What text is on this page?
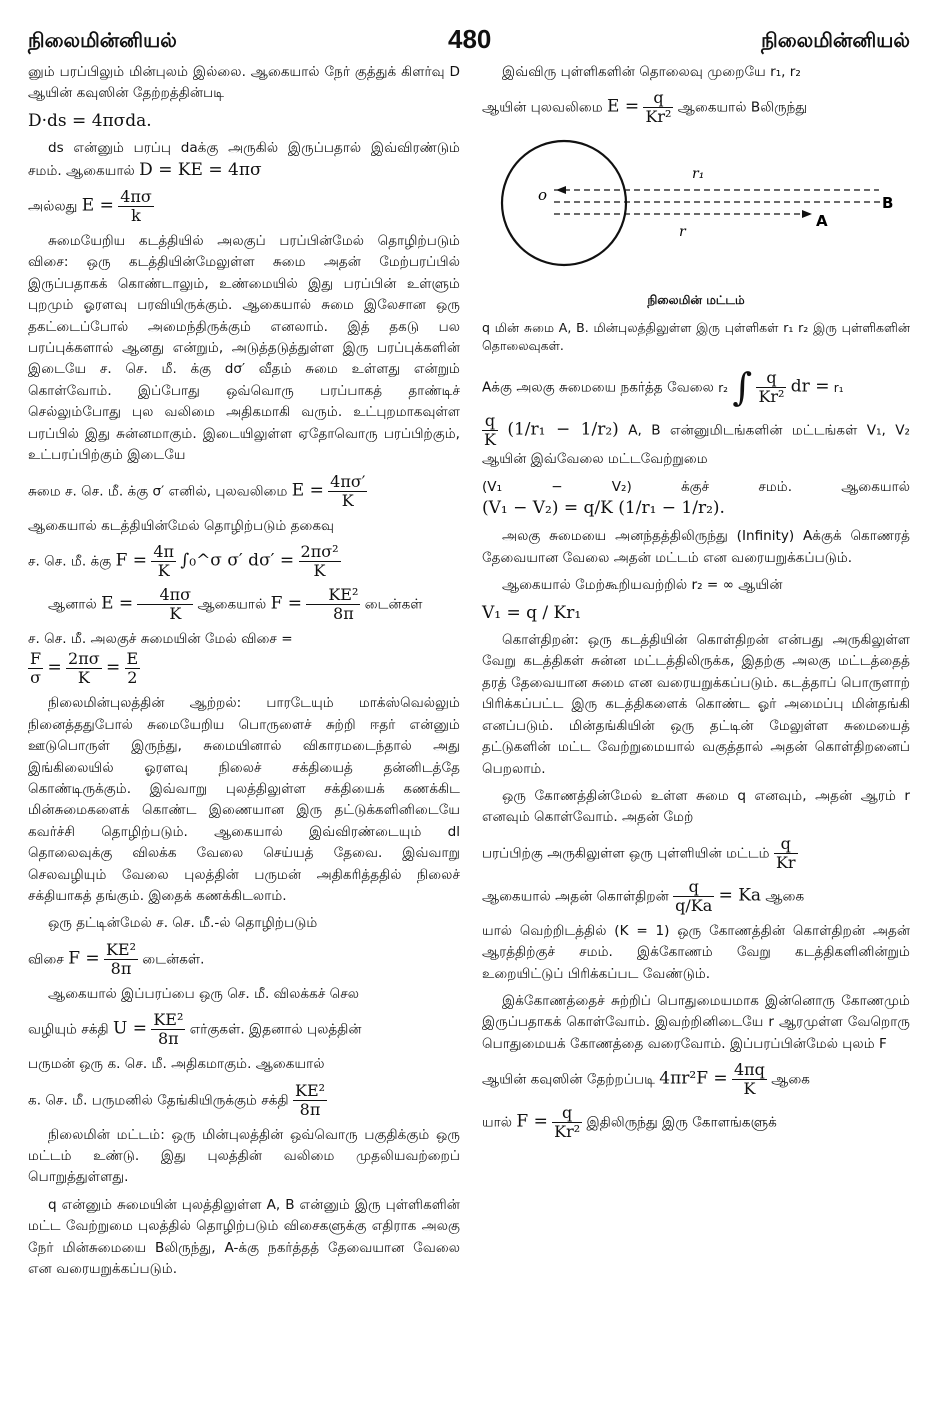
நிலைமின்னியல்	480	நிலைமின்னியல்

னும் பரப்பிலும் மின்புலம் இல்லை. ஆகையால் நேர் குத்துக் கிளர்வு D ஆயின் கவுஸின் தேற்றத்தின்படி

D·ds = 4πσda.

ds என்னும் பரப்பு daக்கு அருகில் இருப்பதால் இவ்விரண்டும் சமம். ஆகையால் D = KE = 4πσ

அல்லது $E = \frac{4\pi\sigma}{k}$

சுமையேறிய கடத்தியில் அலகுப் பரப்பின்மேல் தொழிற்படும் விசை: ஒரு கடத்தியின்மேலுள்ள சுமை அதன் மேற்பரப்பில் இருப்பதாகக் கொண்டாலும், உண்மையில் இது பரப்பின் உள்ளும் புறமும் ஓரளவு பரவியிருக்கும். ஆகையால் சுமை இலேசான ஒரு தகட்டைப்போல் அமைந்திருக்கும் எனலாம். இத் தகடு பல பரப்புக்களால் ஆனது என்றும், அடுத்தடுத்துள்ள இரு பரப்புக்களின் இடையே ச. செ. மீ. க்கு dσ′ வீதம் சுமை உள்ளது என்றும் கொள்வோம். இப்போது ஒவ்வொரு பரப்பாகத் தாண்டிச் செல்லும்போது புல வலிமை அதிகமாகி வரும். உட்புறமாகவுள்ள பரப்பில் இது சுன்னமாகும். இடையிலுள்ள ஏதோவொரு பரப்பிற்கும், உட்பரப்பிற்கும் இடையே

சுமை ச. செ. மீ. க்கு σ′ எனில், புலவலிமை $E = \frac{4\pi\sigma'}{K}$

ஆகையால் கடத்தியின்மேல் தொழிற்படும் தகைவு

ச. செ. மீ. க்கு $F = \frac{4\pi}{K}$ ∫₀^σ σ′ $d\sigma' = \frac{\text{2πσ²}}{K}$

ஆனால் $E = \frac{4\pi\sigma}{K}$ ஆகையால் $F = \frac{\text{KE²}}{8\pi}$ டைன்கள்

ச. செ. மீ. அலகுச் சுமையின் மேல் விசை =

$\frac{F}{\sigma} = \frac{2\pi\sigma}{K} = \frac{E}{2}$

நிலைமின்புலத்தின் ஆற்றல்: பாரடேயும் மாக்ஸ்வெல்லும் நினைத்ததுபோல் சுமையேறிய பொருளைச் சுற்றி ஈதர் என்னும் ஊடுபொருள் இருந்து, சுமையினால் விகாரமடைந்தால் அது இங்கிலையில் ஓரளவு நிலைச் சக்தியைத் தன்னிடத்தே கொண்டிருக்கும். இவ்வாறு புலத்திலுள்ள சக்தியைக் கணக்கிட மின்சுமைகளைக் கொண்ட இணையான இரு தட்டுக்களினிடையே கவர்ச்சி தொழிற்படும். ஆகையால் இவ்விரண்டையும் dl தொலைவுக்கு விலக்க வேலை செய்யத் தேவை. இவ்வாறு செலவழியும் வேலை புலத்தின் பருமன் அதிகரித்ததில் நிலைச் சக்தியாகத் தங்கும். இதைக் கணக்கிடலாம்.

ஒரு தட்டின்மேல் ச. செ. மீ.-ல் தொழிற்படும்

விசை $F = \frac{\text{KE²}}{8\pi}$ டைன்கள்.

ஆகையால் இப்பரப்பை ஒரு செ. மீ. விலக்கச் செல

வழியும் சக்தி $U = \frac{\text{KE²}}{8\pi}$ எர்குகள். இதனால் புலத்தின்

பருமன் ஒரு க. செ. மீ. அதிகமாகும். ஆகையால்

க. செ. மீ. பருமனில் தேங்கியிருக்கும் சக்தி $\frac{\text{KE²}}{8\pi}$

நிலைமின் மட்டம்: ஒரு மின்புலத்தின் ஒவ்வொரு பகுதிக்கும் ஒரு மட்டம் உண்டு. இது புலத்தின் வலிமை முதலியவற்றைப் பொறுத்துள்ளது.

q என்னும் சுமையின் புலத்திலுள்ள A, B என்னும் இரு புள்ளிகளின் மட்ட வேற்றுமை புலத்தில் தொழிற்படும் விசைகளுக்கு எதிராக அலகு நேர் மின்சுமையை Bலிருந்து, A-க்கு நகர்த்தத் தேவையான வேலை என வரையறுக்கப்படும்.

இவ்விரு புள்ளிகளின் தொலைவு முறையே r₁, r₂

ஆயின் புலவலிமை $E = \frac{q}{\text{Kr²}}$ ஆகையால் Bலிருந்து

o
r₁
r
A
B
நிலைமின் மட்டம்
q மின் சுமை A, B. மின்புலத்திலுள்ள இரு புள்ளிகள் r₁ r₂ இரு புள்ளிகளின் தொலைவுகள்.

Aக்கு அலகு சுமையை நகர்த்த வேலை r₂ ∫ $\frac{q}{\text{Kr²}}$ dr = r₁

$\frac{q}{K} (1/r_1 - 1/r_2)$ A, B என்னுமிடங்களின் மட்டங்கள் V₁, V₂ ஆயின் இவ்வேலை மட்டவேற்றுமை

(V₁ − V₂) க்குச் சமம். ஆகையால் (V₁ − V₂) = q/K (1/r₁ − 1/r₂).

அலகு சுமையை அனந்தத்திலிருந்து (Infinity) Aக்குக் கொணரத் தேவையான வேலை அதன் மட்டம் என வரையறுக்கப்படும்.

ஆகையால் மேற்கூறியவற்றில் r₂ = ∞ ஆயின்

V₁ = q / Kr₁

கொள்திறன்: ஒரு கடத்தியின் கொள்திறன் என்பது அருகிலுள்ள வேறு கடத்திகள் சுன்ன மட்டத்திலிருக்க, இதற்கு அலகு மட்டத்தைத் தரத் தேவையான சுமை என வரையறுக்கப்படும். கடத்தாப் பொருளாற் பிரிக்கப்பட்ட இரு கடத்திகளைக் கொண்ட ஓர் அமைப்பு மின்தங்கி எனப்படும். மின்தங்கியின் ஒரு தட்டின் மேலுள்ள சுமையைத் தட்டுகளின் மட்ட வேற்றுமையால் வகுத்தால் அதன் கொள்திறனைப் பெறலாம்.

ஒரு கோணத்தின்மேல் உள்ள சுமை q எனவும், அதன் ஆரம் r எனவும் கொள்வோம். அதன் மேற்

பரப்பிற்கு அருகிலுள்ள ஒரு புள்ளியின் மட்டம் $\frac{q}{Kr}$

ஆகையால் அதன் கொள்திறன் $\frac{q}{q/Ka} = Ka$ ஆகை

யால் வெற்றிடத்தில் (K = 1) ஒரு கோணத்தின் கொள்திறன் அதன் ஆரத்திற்குச் சமம். இக்கோணம் வேறு கடத்திகளினின்றும் உறையிட்டுப் பிரிக்கப்பட வேண்டும்.

இக்கோணத்தைச் சுற்றிப் பொதுமையமாக இன்னொரு கோணமும் இருப்பதாகக் கொள்வோம். இவற்றினிடையே r ஆரமுள்ள வேறொரு பொதுமையக் கோணத்தை வரைவோம். இப்பரப்பின்மேல் புலம் F

ஆயின் கவுஸின் தேற்றப்படி $4\pi r^2F = \frac{4\pi q}{K}$ ஆகை

யால் $F = \frac{q}{\text{Kr²}}$ இதிலிருந்து இரு கோளங்களுக்
